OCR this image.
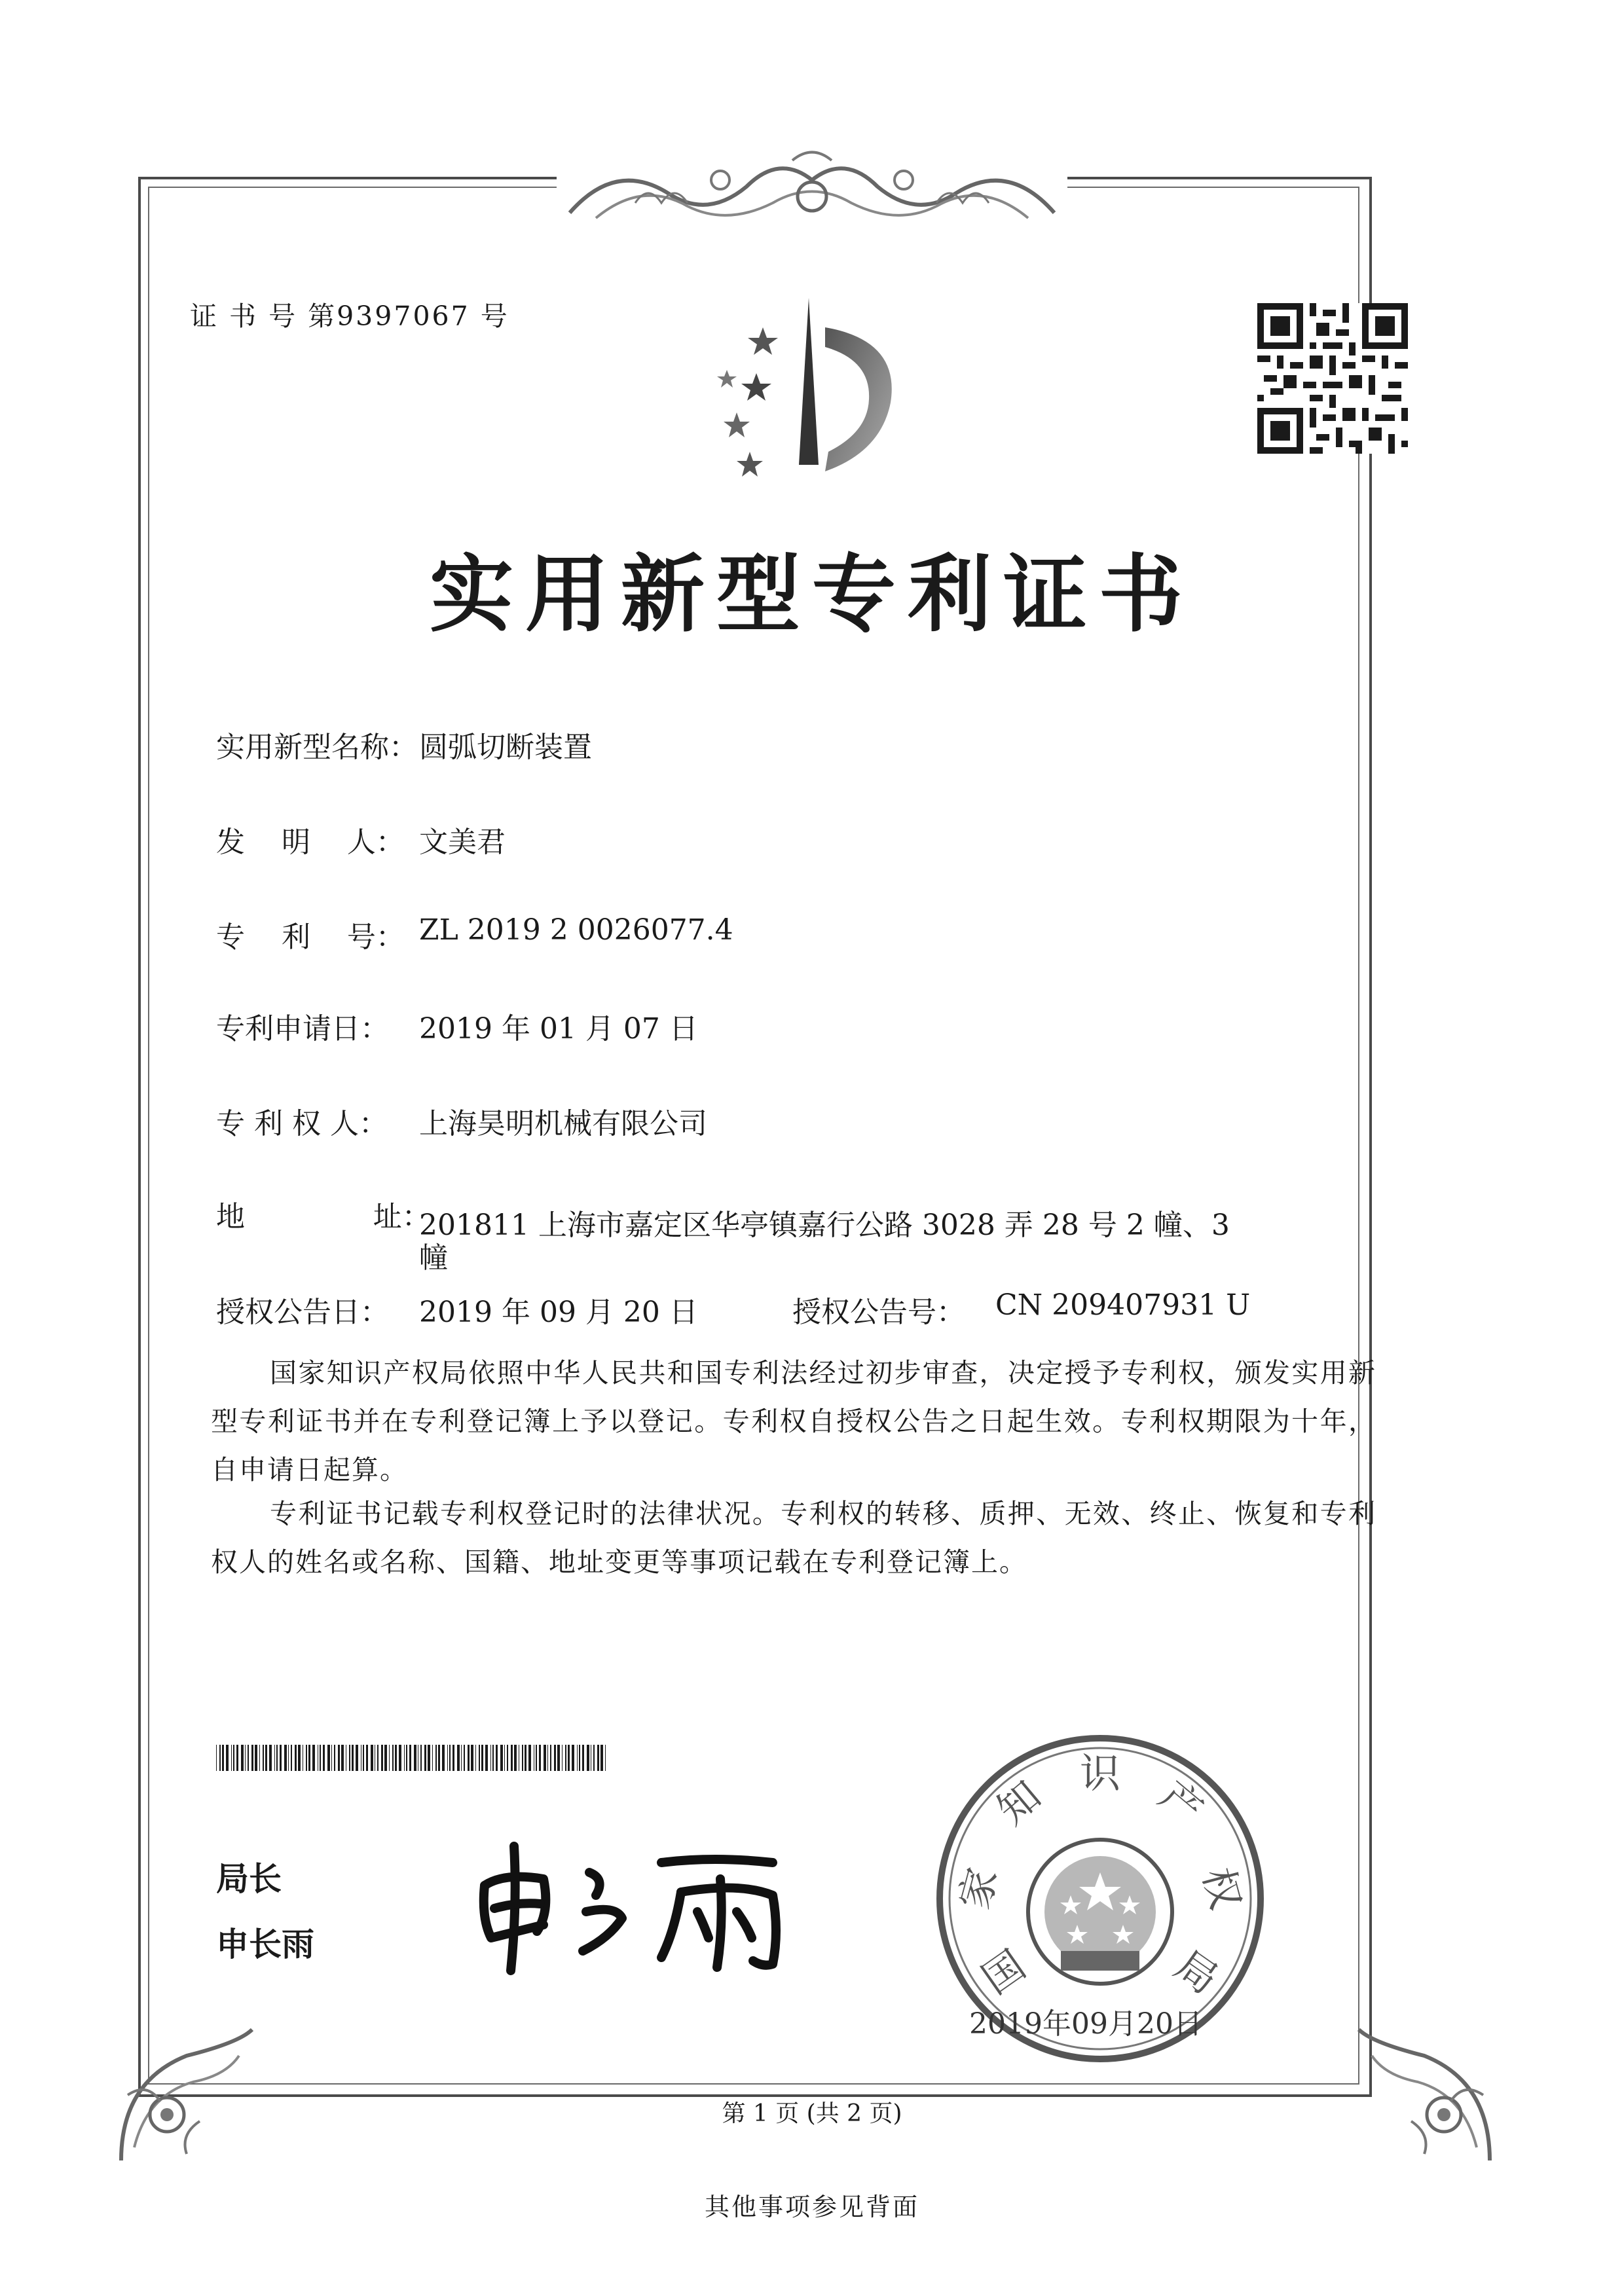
证 书 号 第9397067 号
实用新型专利证书
实用新型名称： 圆弧切断装置
发    明    人： 文美君
专    利    号： ZL 2019 2 0026077.4
专利申请日： 2019 年 01 月 07 日
专 利 权 人： 上海昊明机械有限公司
地              址：
201811 上海市嘉定区华亭镇嘉行公路 3028 弄 28 号 2 幢、3
幢
授权公告日： 2019 年 09 月 20 日	授权公告号： CN 209407931 U
国家知识产权局依照中华人民共和国专利法经过初步审查，决定授予专利权，颁发实用新型专利证书并在专利登记簿上予以登记。专利权自授权公告之日起生效。专利权期限为十年，自申请日起算。
专利证书记载专利权登记时的法律状况。专利权的转移、质押、无效、终止、恢复和专利权人的姓名或名称、国籍、地址变更等事项记载在专利登记簿上。
局长
申长雨	国
家
知 识 产
权
局
2019年09月20日
第 1 页 (共 2 页)
其他事项参见背面
